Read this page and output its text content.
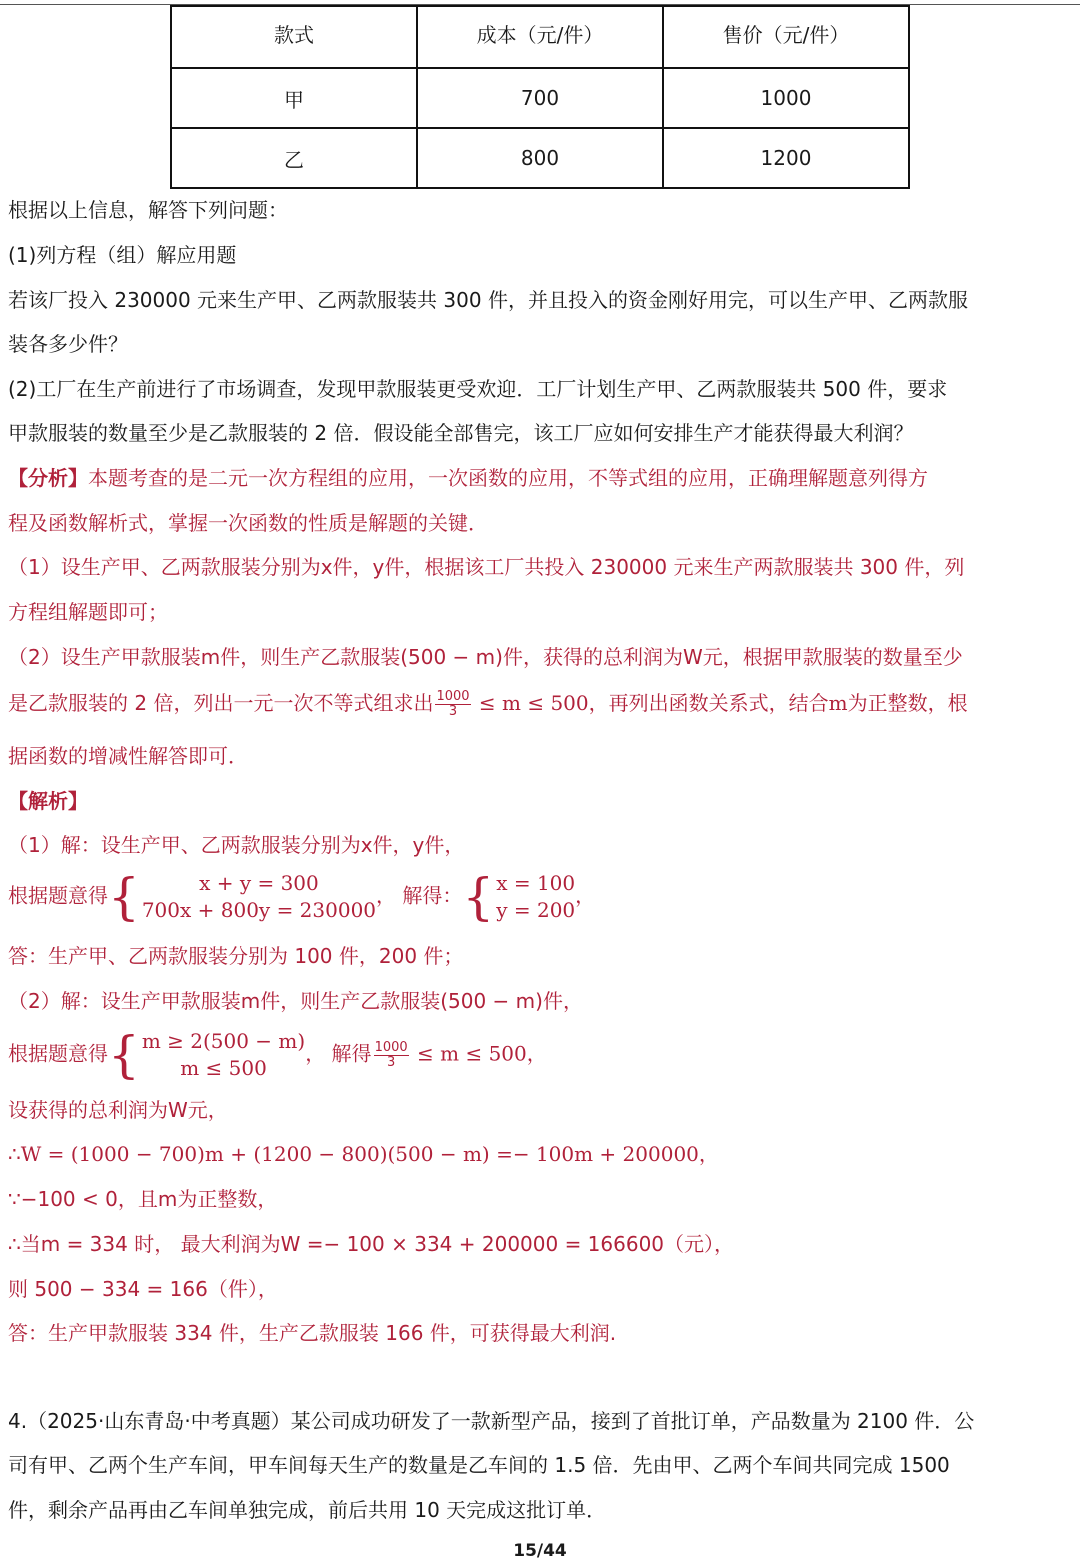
款式	成本（元/件）	售价（元/件）
甲	700	1000
乙	800	1200
根据以上信息，解答下列问题：
(1)列方程（组）解应用题
若该厂投入 230000 元来生产甲、乙两款服装共 300 件，并且投入的资金刚好用完，可以生产甲、乙两款服
装各多少件？
(2)工厂在生产前进行了市场调查，发现甲款服装更受欢迎．工厂计划生产甲、乙两款服装共 500 件，要求
甲款服装的数量至少是乙款服装的 2 倍．假设能全部售完，该工厂应如何安排生产才能获得最大利润？
【分析】本题考查的是二元一次方程组的应用，一次函数的应用，不等式组的应用，正确理解题意列得方
程及函数解析式，掌握一次函数的性质是解题的关键．
（1）设生产甲、乙两款服装分别为x件，y件，根据该工厂共投入 230000 元来生产两款服装共 300 件，列
方程组解题即可；
（2）设生产甲款服装m件，则生产乙款服装(500 − m)件，获得的总利润为W元，根据甲款服装的数量至少
是乙款服装的 2 倍，列出一元一次不等式组求出 $\frac{1000}{3} \le m \le 500$，再列出函数关系式，结合m为正整数，根
据函数的增减性解答即可．
【解析】
（1）解：设生产甲、乙两款服装分别为x件，y件，
根据题意得 {	x + y = 300
700x + 800y = 230000
， 解得： { x = 100
y = 200
，
答：生产甲、乙两款服装分别为 100 件，200 件；
（2）解：设生产甲款服装m件，则生产乙款服装(500 − m)件，
根据题意得 { m ≥ 2(500 − m)
m ≤ 500
， 解得 $\frac{1000}{3} \le m \le 500$，
设获得的总利润为W元，
∴W = (1000 − 700)m + (1200 − 800)(500 − m) =− 100m + 200000，
∵−100 < 0，且m为正整数，
∴当m = 334 时， 最大利润为W =− 100 × 334 + 200000 = 166600（元），
则 500 − 334 = 166（件），
答：生产甲款服装 334 件，生产乙款服装 166 件，可获得最大利润.
4.（2025·山东青岛·中考真题）某公司成功研发了一款新型产品，接到了首批订单，产品数量为 2100 件．公
司有甲、乙两个生产车间，甲车间每天生产的数量是乙车间的 1.5 倍．先由甲、乙两个车间共同完成 1500
件，剩余产品再由乙车间单独完成，前后共用 10 天完成这批订单．
15/44
